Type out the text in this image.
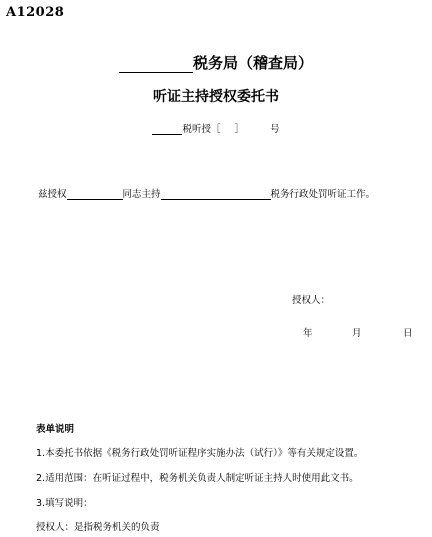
A12028
税务局（稽查局）
听证主持授权委托书
税听授［ ］	号
兹授权	同志主持	税务行政处罚听证工作。
授权人：
年	月	日
表单说明
1.本委托书依据《税务行政处罚听证程序实施办法（试行）》等有关规定设置。
2.适用范围：在听证过程中，税务机关负责人制定听证主持人时使用此文书。
3.填写说明：
授权人：是指税务机关的负责
